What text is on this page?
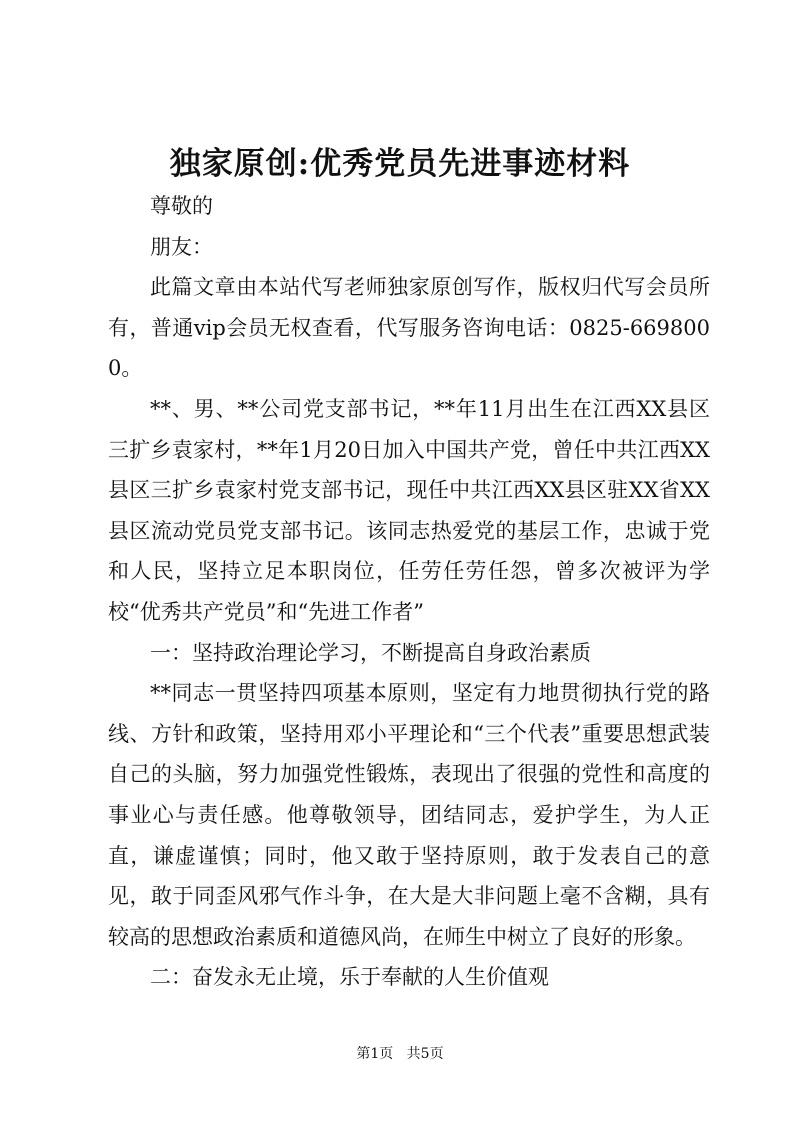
独家原创:优秀党员先进事迹材料

尊敬的

朋友：

此篇文章由本站代写老师独家原创写作，版权归代写会员所有，普通vip会员无权查看，代写服务咨询电话：0825-6698000。

**、男、**公司党支部书记，**年11月出生在江西XX县区三扩乡袁家村，**年1月20日加入中国共产党，曾任中共江西XX县区三扩乡袁家村党支部书记，现任中共江西XX县区驻XX省XX县区流动党员党支部书记。该同志热爱党的基层工作，忠诚于党和人民，坚持立足本职岗位，任劳任劳任怨，曾多次被评为学校“优秀共产党员”和“先进工作者”

一：坚持政治理论学习，不断提高自身政治素质

**同志一贯坚持四项基本原则，坚定有力地贯彻执行党的路线、方针和政策，坚持用邓小平理论和“三个代表”重要思想武装自己的头脑，努力加强党性锻炼，表现出了很强的党性和高度的事业心与责任感。他尊敬领导，团结同志，爱护学生，为人正直，谦虚谨慎；同时，他又敢于坚持原则，敢于发表自己的意见，敢于同歪风邪气作斗争，在大是大非问题上毫不含糊，具有较高的思想政治素质和道德风尚，在师生中树立了良好的形象。

二：奋发永无止境，乐于奉献的人生价值观

第1页 共5页
